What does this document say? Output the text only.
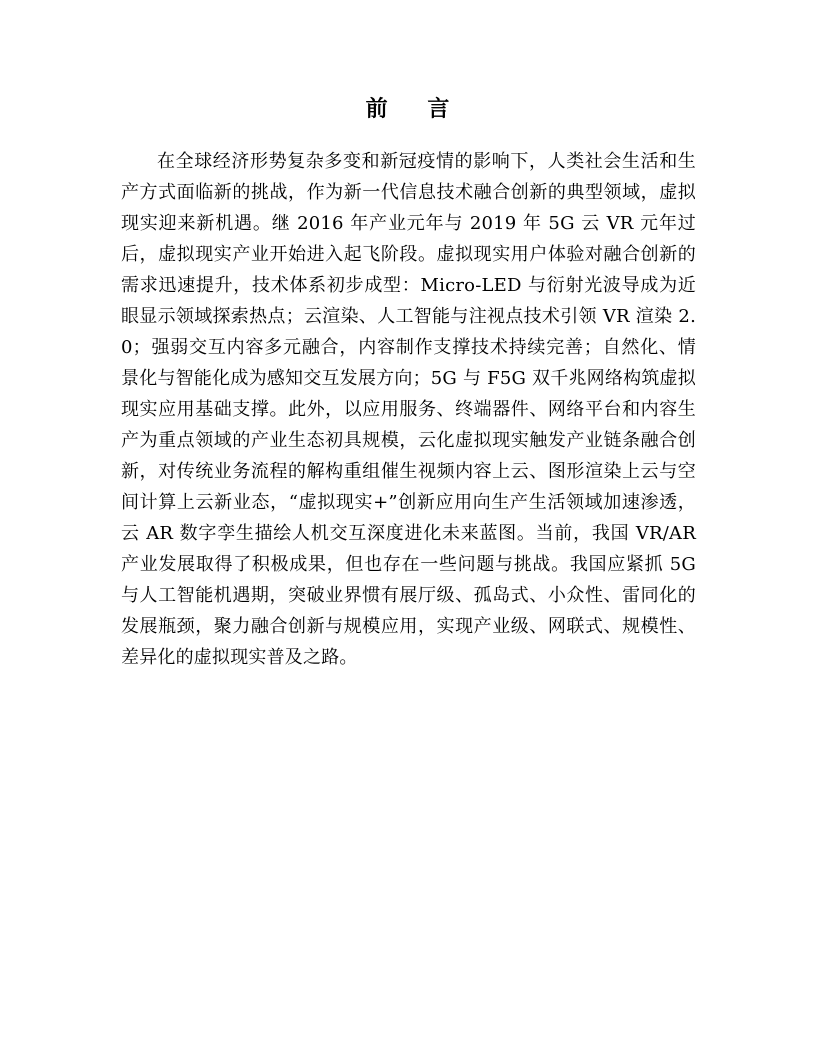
前 言

在全球经济形势复杂多变和新冠疫情的影响下，人类社会生活和生产方式面临新的挑战，作为新一代信息技术融合创新的典型领域，虚拟现实迎来新机遇。继 2016 年产业元年与 2019 年 5G 云 VR 元年过后，虚拟现实产业开始进入起飞阶段。虚拟现实用户体验对融合创新的需求迅速提升，技术体系初步成型：Micro-LED 与衍射光波导成为近眼显示领域探索热点；云渲染、人工智能与注视点技术引领 VR 渲染 2.0；强弱交互内容多元融合，内容制作支撑技术持续完善；自然化、情景化与智能化成为感知交互发展方向；5G 与 F5G 双千兆网络构筑虚拟现实应用基础支撑。此外，以应用服务、终端器件、网络平台和内容生产为重点领域的产业生态初具规模，云化虚拟现实触发产业链条融合创新，对传统业务流程的解构重组催生视频内容上云、图形渲染上云与空间计算上云新业态，“虚拟现实+”创新应用向生产生活领域加速渗透，云 AR 数字孪生描绘人机交互深度进化未来蓝图。当前，我国 VR/AR 产业发展取得了积极成果，但也存在一些问题与挑战。我国应紧抓 5G 与人工智能机遇期，突破业界惯有展厅级、孤岛式、小众性、雷同化的发展瓶颈，聚力融合创新与规模应用，实现产业级、网联式、规模性、差异化的虚拟现实普及之路。
